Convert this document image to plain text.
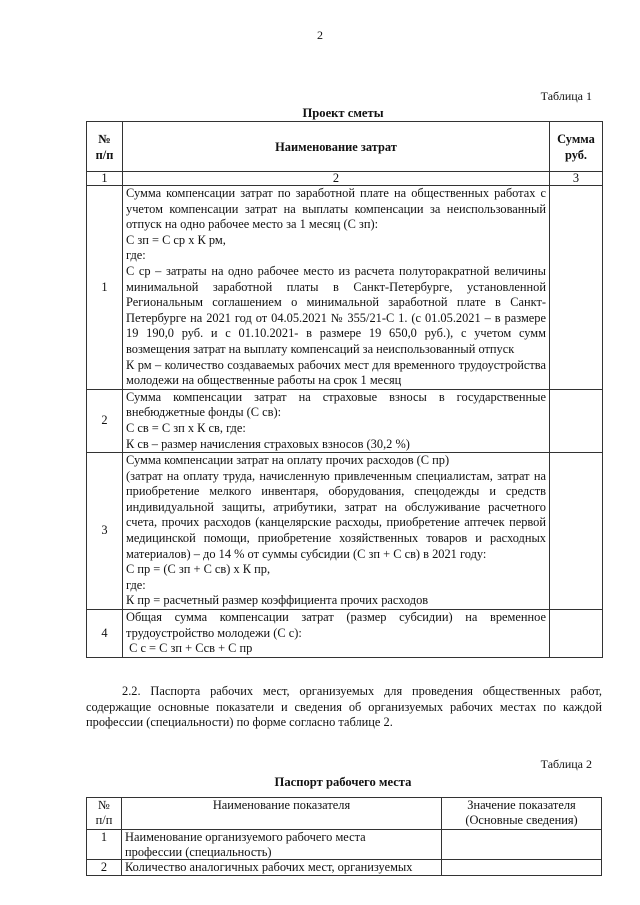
2
Таблица 1
Проект сметы
№
п/п	Наименование затрат	Сумма
руб.
1	2	3
1	Сумма компенсации затрат по заработной плате на общественных работах с учетом компенсации затрат на выплаты компенсации за неиспользованный отпуск на одно рабочее место за 1 месяц (С зп):
С зп = С ср х К рм,
где:
С ср – затраты на одно рабочее место из расчета полуторакратной величины минимальной заработной платы в Санкт-Петербурге, установленной Региональным соглашением о минимальной заработной плате в Санкт-Петербурге на 2021 год от 04.05.2021 № 355/21-С 1. (с 01.05.2021 – в размере 19 190,0 руб. и с 01.10.2021- в размере 19 650,0 руб.), с учетом сумм возмещения затрат на выплату компенсаций за неиспользованный отпуск
К рм – количество создаваемых рабочих мест для временного трудоустройства молодежи на общественные работы на срок 1 месяц	

2	Сумма компенсации затрат на страховые взносы в государственные внебюджетные фонды (С св):
С св = С зп х К св, где:
К св – размер начисления страховых взносов (30,2 %)	

3	Сумма компенсации затрат на оплату прочих расходов (С пр)
(затрат на оплату труда, начисленную привлеченным специалистам, затрат на приобретение мелкого инвентаря, оборудования, спецодежды и средств индивидуальной защиты, атрибутики, затрат на обслуживание расчетного счета, прочих расходов (канцелярские расходы, приобретение аптечек первой медицинской помощи, приобретение хозяйственных товаров и расходных материалов) – до 14 % от суммы субсидии (С зп + С св) в 2021 году:
С пр = (С зп + С св) х К пр,
где:
К пр = расчетный размер коэффициента прочих расходов	

4	Общая сумма компенсации затрат (размер субсидии) на временное трудоустройство молодежи (С с):
С с = С зп + Ссв + С пр	

2.2. Паспорта рабочих мест, организуемых для проведения общественных работ, содержащие основные показатели и сведения об организуемых рабочих местах по каждой профессии (специальности) по форме согласно таблице 2.
Таблица 2
Паспорт рабочего места
№
п/п	Наименование показателя	Значение показателя
(Основные сведения)
1	Наименование организуемого рабочего места
профессии (специальность)	

2	Количество аналогичных рабочих мест, организуемых	
